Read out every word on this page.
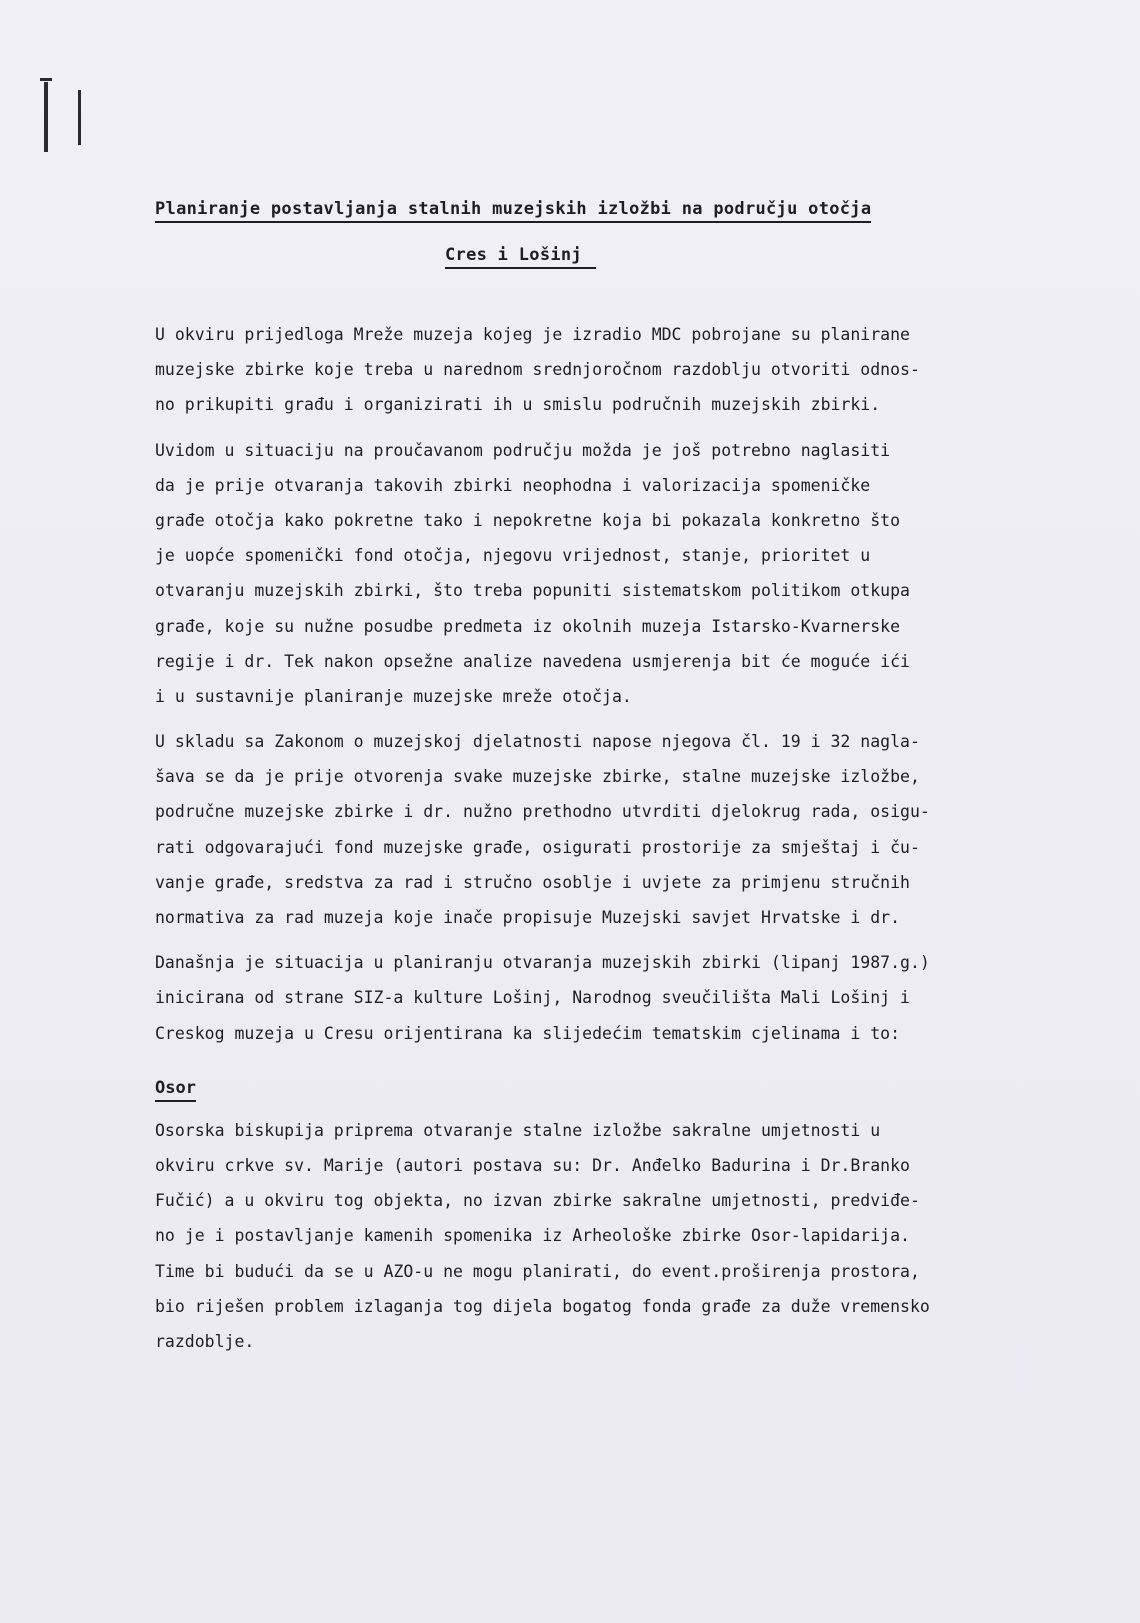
Planiranje postavljanja stalnih muzejskih izložbi na području otočja
Cres i Lošinj

U okviru prijedloga Mreže muzeja kojeg je izradio MDC pobrojane su planirane
muzejske zbirke koje treba u narednom srednjoročnom razdoblju otvoriti odnos-
no prikupiti građu i organizirati ih u smislu područnih muzejskih zbirki.

Uvidom u situaciju na proučavanom području možda je još potrebno naglasiti
da je prije otvaranja takovih zbirki neophodna i valorizacija spomeničke
građe otočja kako pokretne tako i nepokretne koja bi pokazala konkretno što
je uopće spomenički fond otočja, njegovu vrijednost, stanje, prioritet u
otvaranju muzejskih zbirki, što treba popuniti sistematskom politikom otkupa
građe, koje su nužne posudbe predmeta iz okolnih muzeja Istarsko-Kvarnerske
regije i dr. Tek nakon opsežne analize navedena usmjerenja bit će moguće ići
i u sustavnije planiranje muzejske mreže otočja.

U skladu sa Zakonom o muzejskoj djelatnosti napose njegova čl. 19 i 32 nagla-
šava se da je prije otvorenja svake muzejske zbirke, stalne muzejske izložbe,
područne muzejske zbirke i dr. nužno prethodno utvrditi djelokrug rada, osigu-
rati odgovarajući fond muzejske građe, osigurati prostorije za smještaj i ču-
vanje građe, sredstva za rad i stručno osoblje i uvjete za primjenu stručnih
normativa za rad muzeja koje inače propisuje Muzejski savjet Hrvatske i dr.

Današnja je situacija u planiranju otvaranja muzejskih zbirki (lipanj 1987.g.)
inicirana od strane SIZ-a kulture Lošinj, Narodnog sveučilišta Mali Lošinj i
Creskog muzeja u Cresu orijentirana ka slijedećim tematskim cjelinama i to:

Osor

Osorska biskupija priprema otvaranje stalne izložbe sakralne umjetnosti u
okviru crkve sv. Marije (autori postava su: Dr. Anđelko Badurina i Dr.Branko
Fučić) a u okviru tog objekta, no izvan zbirke sakralne umjetnosti, predviđe-
no je i postavljanje kamenih spomenika iz Arheološke zbirke Osor-lapidarija.
Time bi budući da se u AZO-u ne mogu planirati, do event.proširenja prostora,
bio riješen problem izlaganja tog dijela bogatog fonda građe za duže vremensko
razdoblje.
